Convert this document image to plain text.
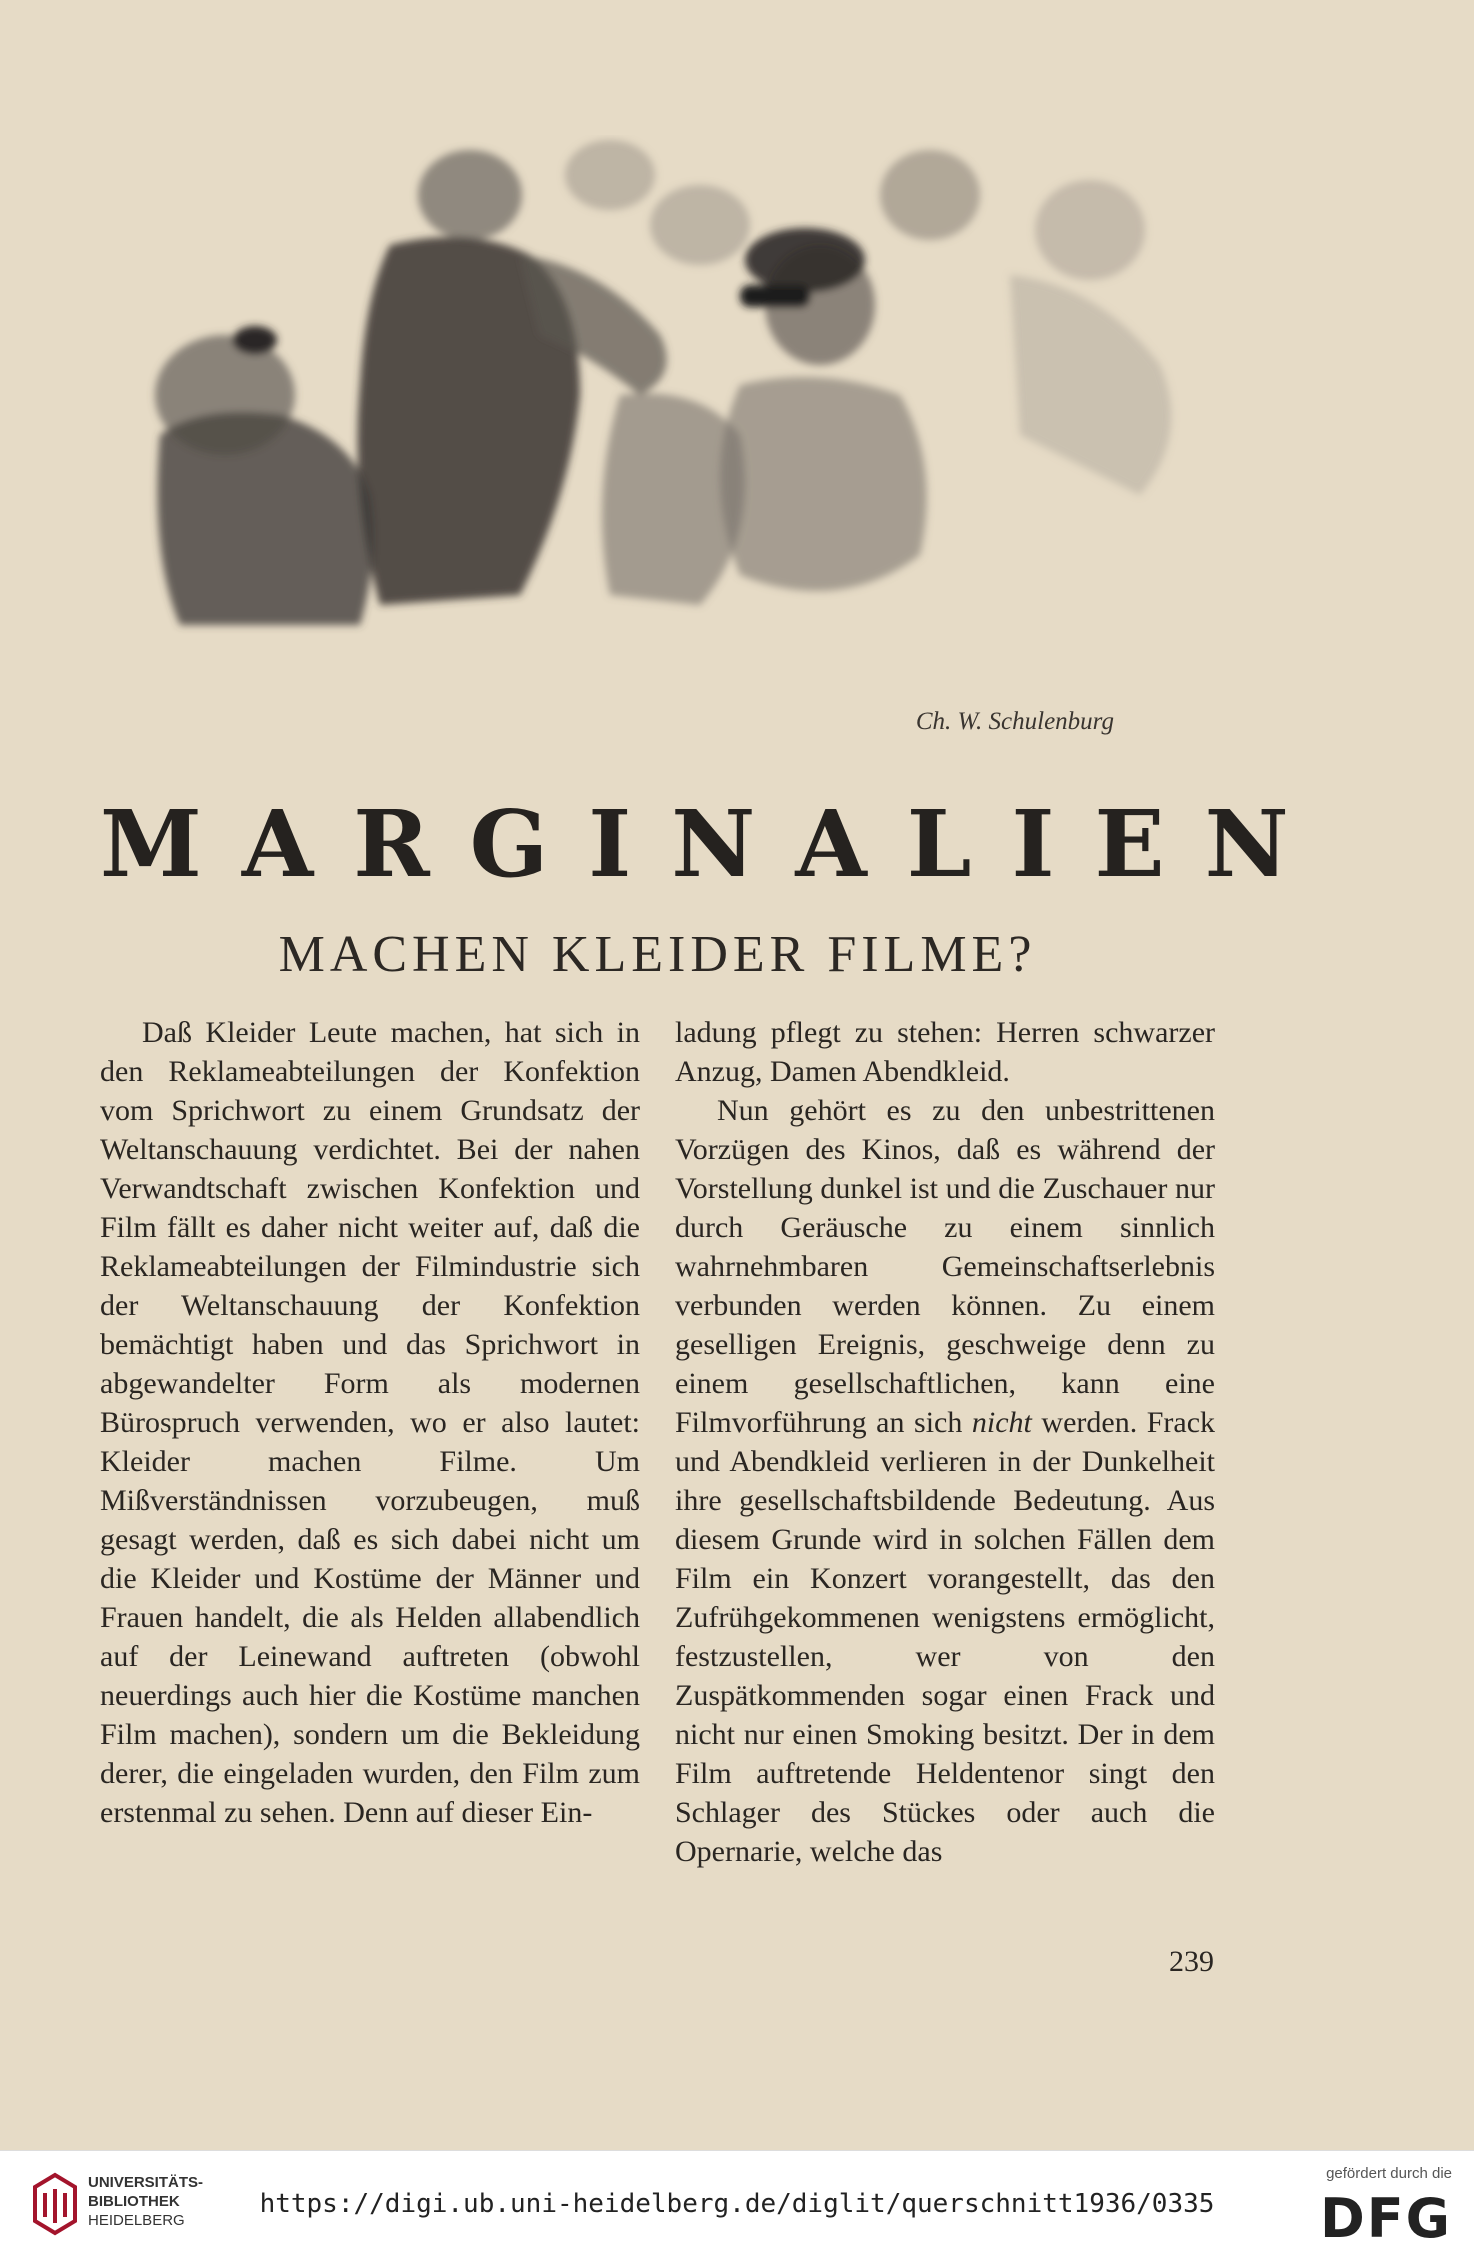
Ch. W. Schulenburg
MARGINALIEN
MACHEN KLEIDER FILME?

Daß Kleider Leute machen, hat sich in den Reklameabteilungen der Konfektion vom Sprichwort zu einem Grundsatz der Weltanschauung verdichtet. Bei der nahen Verwandtschaft zwischen Konfektion und Film fällt es daher nicht weiter auf, daß die Reklameabteilungen der Filmindustrie sich der Weltanschauung der Konfektion bemächtigt haben und das Sprichwort in abgewandelter Form als modernen Bürospruch verwenden, wo er also lautet: Kleider machen Filme. Um Mißverständnissen vorzubeugen, muß gesagt werden, daß es sich dabei nicht um die Kleider und Kostüme der Männer und Frauen handelt, die als Helden allabendlich auf der Leinewand auftreten (obwohl neuerdings auch hier die Kostüme manchen Film machen), sondern um die Bekleidung derer, die eingeladen wurden, den Film zum erstenmal zu sehen. Denn auf dieser Ein-

ladung pflegt zu stehen: Herren schwarzer Anzug, Damen Abendkleid.

Nun gehört es zu den unbestrittenen Vorzügen des Kinos, daß es während der Vorstellung dunkel ist und die Zuschauer nur durch Geräusche zu einem sinnlich wahrnehmbaren Gemeinschaftserlebnis verbunden werden können. Zu einem geselligen Ereignis, geschweige denn zu einem gesellschaftlichen, kann eine Filmvorführung an sich nicht werden. Frack und Abendkleid verlieren in der Dunkelheit ihre gesellschaftsbildende Bedeutung. Aus diesem Grunde wird in solchen Fällen dem Film ein Konzert vorangestellt, das den Zufrühgekommenen wenigstens ermöglicht, festzustellen, wer von den Zuspätkommenden sogar einen Frack und nicht nur einen Smoking besitzt. Der in dem Film auftretende Heldentenor singt den Schlager des Stückes oder auch die Opernarie, welche das

239
UNIVERSITÄTS-
BIBLIOTHEK
HEIDELBERG
https://digi.ub.uni-heidelberg.de/diglit/querschnitt1936/0335
gefördert durch die
DFG
